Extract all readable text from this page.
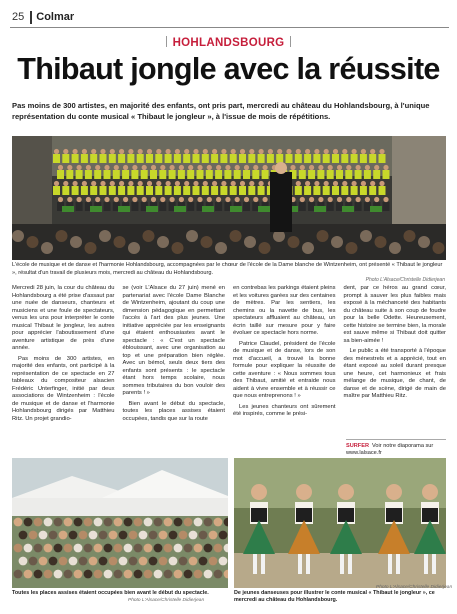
25 Colmar
HOHLANDSBOURG
Thibaut jongle avec la réussite
Pas moins de 300 artistes, en majorité des enfants, ont pris part, mercredi au château du Hohlandsbourg, à l'unique représentation du conte musical « Thibaut le jongleur », à l'issue de mois de répétitions.
L'école de musique et de danse et l'harmonie Hohlandsbourg, accompagnées par le chœur de l'école de la Dame blanche de Wintzenheim, ont présenté « Thibaut le jongleur », résultat d'un travail de plusieurs mois, mercredi au château du Hohlandsbourg.
Photo L'Alsace/Christelle Didierjean

Mercredi 28 juin, la cour du château du Hohlandsbourg a été prise d'assaut par une nuée de danseurs, chanteurs et musiciens et une foule de spectateurs, venus les uns pour interpréter le conte musical Thibaut le jongleur, les autres pour apprécier l'aboutissement d'une aventure artistique de près d'une année.

Pas moins de 300 artistes, en majorité des enfants, ont participé à la représentation de ce spectacle en 27 tableaux du compositeur alsacien Frédéric Unterfinger, initié par deux associations de Wintzenheim : l'école de musique et de danse et l'harmonie Hohlandsbourg dirigés par Matthieu Ritz. Un projet grandio-

se (voir L'Alsace du 27 juin) mené en partenariat avec l'école Dame Blanche de Wintzenheim, ajoutant du coup une dimension pédagogique en permettant l'accès à l'art des plus jeunes. Une initiative appréciée par les enseignants qui étaient enthousiastes avant le spectacle : « C'est un spectacle éblouissant, avec une organisation au top et une préparation bien réglée. Avec un bémol, seuls deux tiers des enfants sont présents : le spectacle étant hors temps scolaire, nous sommes tributaires du bon vouloir des parents ! »

Bien avant le début du spectacle, toutes les places assises étaient occupées, tandis que sur la route

en contrebas les parkings étaient pleins et les voitures garées sur des centaines de mètres. Par les sentiers, les chemins ou la navette de bus, les spectateurs affluaient au château, un écrin taillé sur mesure pour y faire évoluer ce spectacle hors norme.

Patrice Claudel, président de l'école de musique et de danse, lors de son mot d'accueil, a trouvé la bonne formule pour expliquer la réussite de cette aventure : « Nous sommes tous des Thibaut, amitié et entraide nous aident à vivre ensemble et à réussir ce que nous entreprenons ! »

Les jeunes chanteurs ont sûrement été inspirés, comme le prési-

dent, par ce héros au grand cœur, prompt à sauver les plus faibles mais exposé à la méchanceté des habitants du château suite à son coup de foudre pour la belle Odette. Heureusement, cette histoire se termine bien, la morale est sauve même si Thibaut doit quitter sa bien-aimée !

Le public a été transporté à l'époque des ménestrels et a apprécié, tout en étant exposé au soleil durant presque une heure, cet harmonieux et frais mélange de musique, de chant, de danse et de scène, dirigé de main de maître par Matthieu Ritz.

SURFER Voir notre diaporama sur www.lalsace.fr
Toutes les places assises étaient occupées bien avant le début du spectacle.
Photo L'Alsace/Christelle Didierjean
De jeunes danseuses pour illustrer le conte musical « Thibaut le jongleur », ce mercredi au château du Hohlandsbourg.
Photo L'Alsace/Christelle Didierjean
